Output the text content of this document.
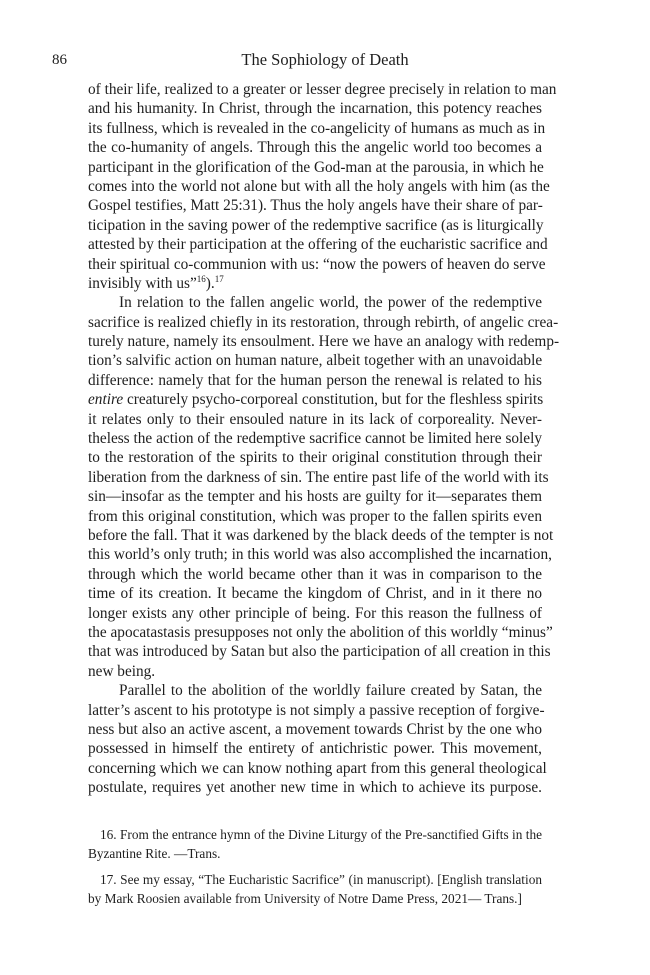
86	The Sophiology of Death
of their life, realized to a greater or lesser degree precisely in relation to man
and his humanity. In Christ, through the incarnation, this potency reaches
its fullness, which is revealed in the co-angelicity of humans as much as in
the co-humanity of angels. Through this the angelic world too becomes a
participant in the glorification of the God-man at the parousia, in which he
comes into the world not alone but with all the holy angels with him (as the
Gospel testifies, Matt 25:31). Thus the holy angels have their share of par-
ticipation in the saving power of the redemptive sacrifice (as is liturgically
attested by their participation at the offering of the eucharistic sacrifice and
their spiritual co-communion with us: “now the powers of heaven do serve
invisibly with us”$^{16}$).$^{17}$
In relation to the fallen angelic world, the power of the redemptive
sacrifice is realized chiefly in its restoration, through rebirth, of angelic crea-
turely nature, namely its ensoulment. Here we have an analogy with redemp-
tion’s salvific action on human nature, albeit together with an unavoidable
difference: namely that for the human person the renewal is related to his
entire creaturely psycho-corporeal constitution, but for the fleshless spirits
it relates only to their ensouled nature in its lack of corporeality. Never-
theless the action of the redemptive sacrifice cannot be limited here solely
to the restoration of the spirits to their original constitution through their
liberation from the darkness of sin. The entire past life of the world with its
sin—insofar as the tempter and his hosts are guilty for it—separates them
from this original constitution, which was proper to the fallen spirits even
before the fall. That it was darkened by the black deeds of the tempter is not
this world’s only truth; in this world was also accomplished the incarnation,
through which the world became other than it was in comparison to the
time of its creation. It became the kingdom of Christ, and in it there no
longer exists any other principle of being. For this reason the fullness of
the apocatastasis presupposes not only the abolition of this worldly “minus”
that was introduced by Satan but also the participation of all creation in this
new being.
Parallel to the abolition of the worldly failure created by Satan, the
latter’s ascent to his prototype is not simply a passive reception of forgive-
ness but also an active ascent, a movement towards Christ by the one who
possessed in himself the entirety of antichristic power. This movement,
concerning which we can know nothing apart from this general theological
postulate, requires yet another new time in which to achieve its purpose.
16. From the entrance hymn of the Divine Liturgy of the Pre-sanctified Gifts in the
Byzantine Rite. —Trans.
17. See my essay, “The Eucharistic Sacrifice” (in manuscript). [English translation
by Mark Roosien available from University of Notre Dame Press, 2021— Trans.]
